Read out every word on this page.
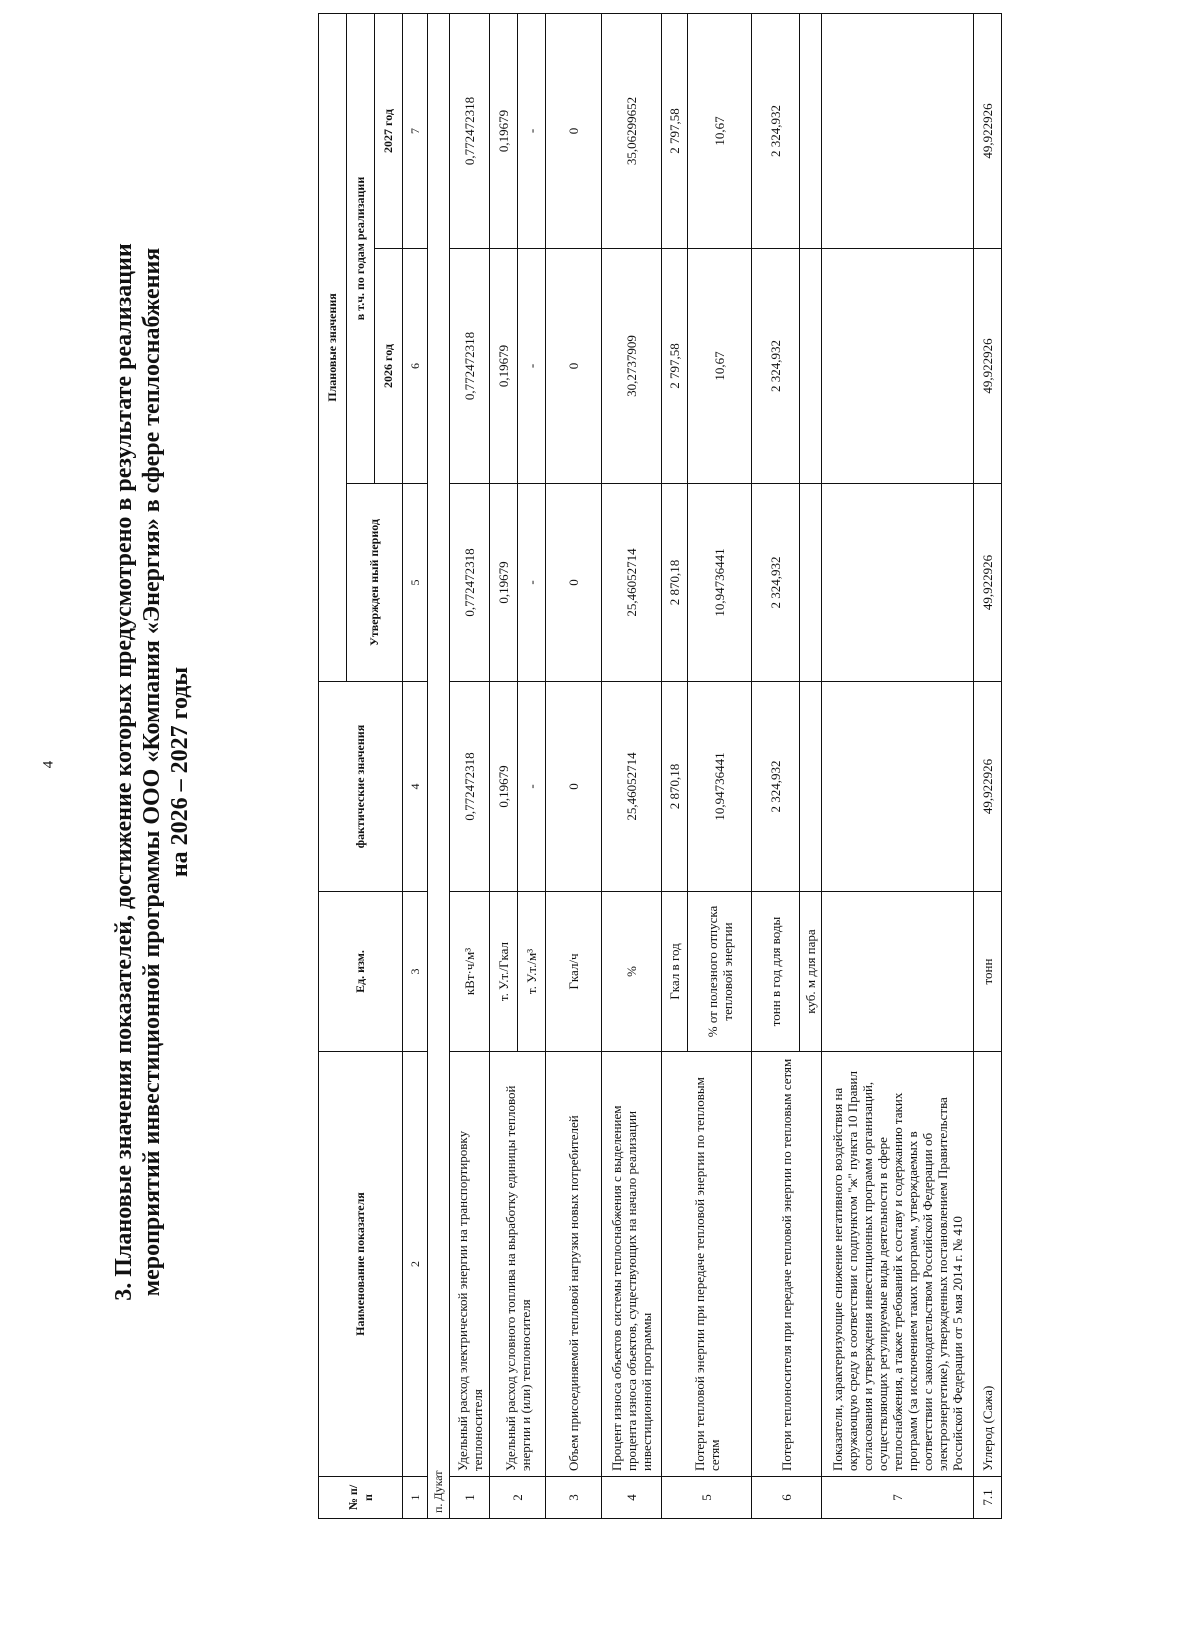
4 3. Плановые значения показателей, достижение которых предусмотрено в результате реализации мероприятий инвестиционной программы ООО «Компания «Энергия» в сфере теплоснабжения на 2026 – 2027 годы
№ п/п	Наименование показателя	Ед. изм.	фактические значения	Плановые значения		
				Утвержден ный период	в т.ч. по годам реализации	
					2026 год	2027 год
1	2	3	4	5	6	7
п. Дукат						
1	Удельный расход электрической энергии на транспортировку теплоносителя	кВт·ч/м³	0,772472318	0,772472318	0,772472318	0,772472318
2	Удельный расход условного топлива на выработку единицы тепловой энергии и (или) теплоносителя	т. У.т./Гкал	0,19679	0,19679	0,19679	0,19679
		т. У.т./м³	-	-	-	-
3	Объем присоединяемой тепловой нагрузки новых потребителей	Гкал/ч	0	0	0	0
4	Процент износа объектов системы теплоснабжения с выделением процента износа объектов, существующих на начало реализации инвестиционной программы	%	25,46052714	25,46052714	30,2737909	35,06299652
5	Потери тепловой энергии при передаче тепловой энергии по тепловым сетям	Гкал в год	2 870,18	2 870,18	2 797,58	2 797,58
		% от полезного отпуска тепловой энергии	10,94736441	10,94736441	10,67	10,67
6	Потери теплоносителя при передаче тепловой энергии по тепловым сетям	тонн в год для воды	2 324,932	2 324,932	2 324,932	2 324,932
		куб. м для пара				
7	Показатели, характеризующие снижение негативного воздействия на окружающую среду в соответствии с подпунктом "ж" пункта 10 Правил согласования и утверждения инвестиционных программ организаций, осуществляющих регулируемые виды деятельности в сфере теплоснабжения, а также требований к составу и содержанию таких программ (за исключением таких программ, утверждаемых в соответствии с законодательством Российской Федерации об электроэнергетике), утвержденных постановлением Правительства Российской Федерации от 5 мая 2014 г. № 410					
7.1	Углерод (Сажа)	тонн	49,922926	49,922926	49,922926	49,922926
